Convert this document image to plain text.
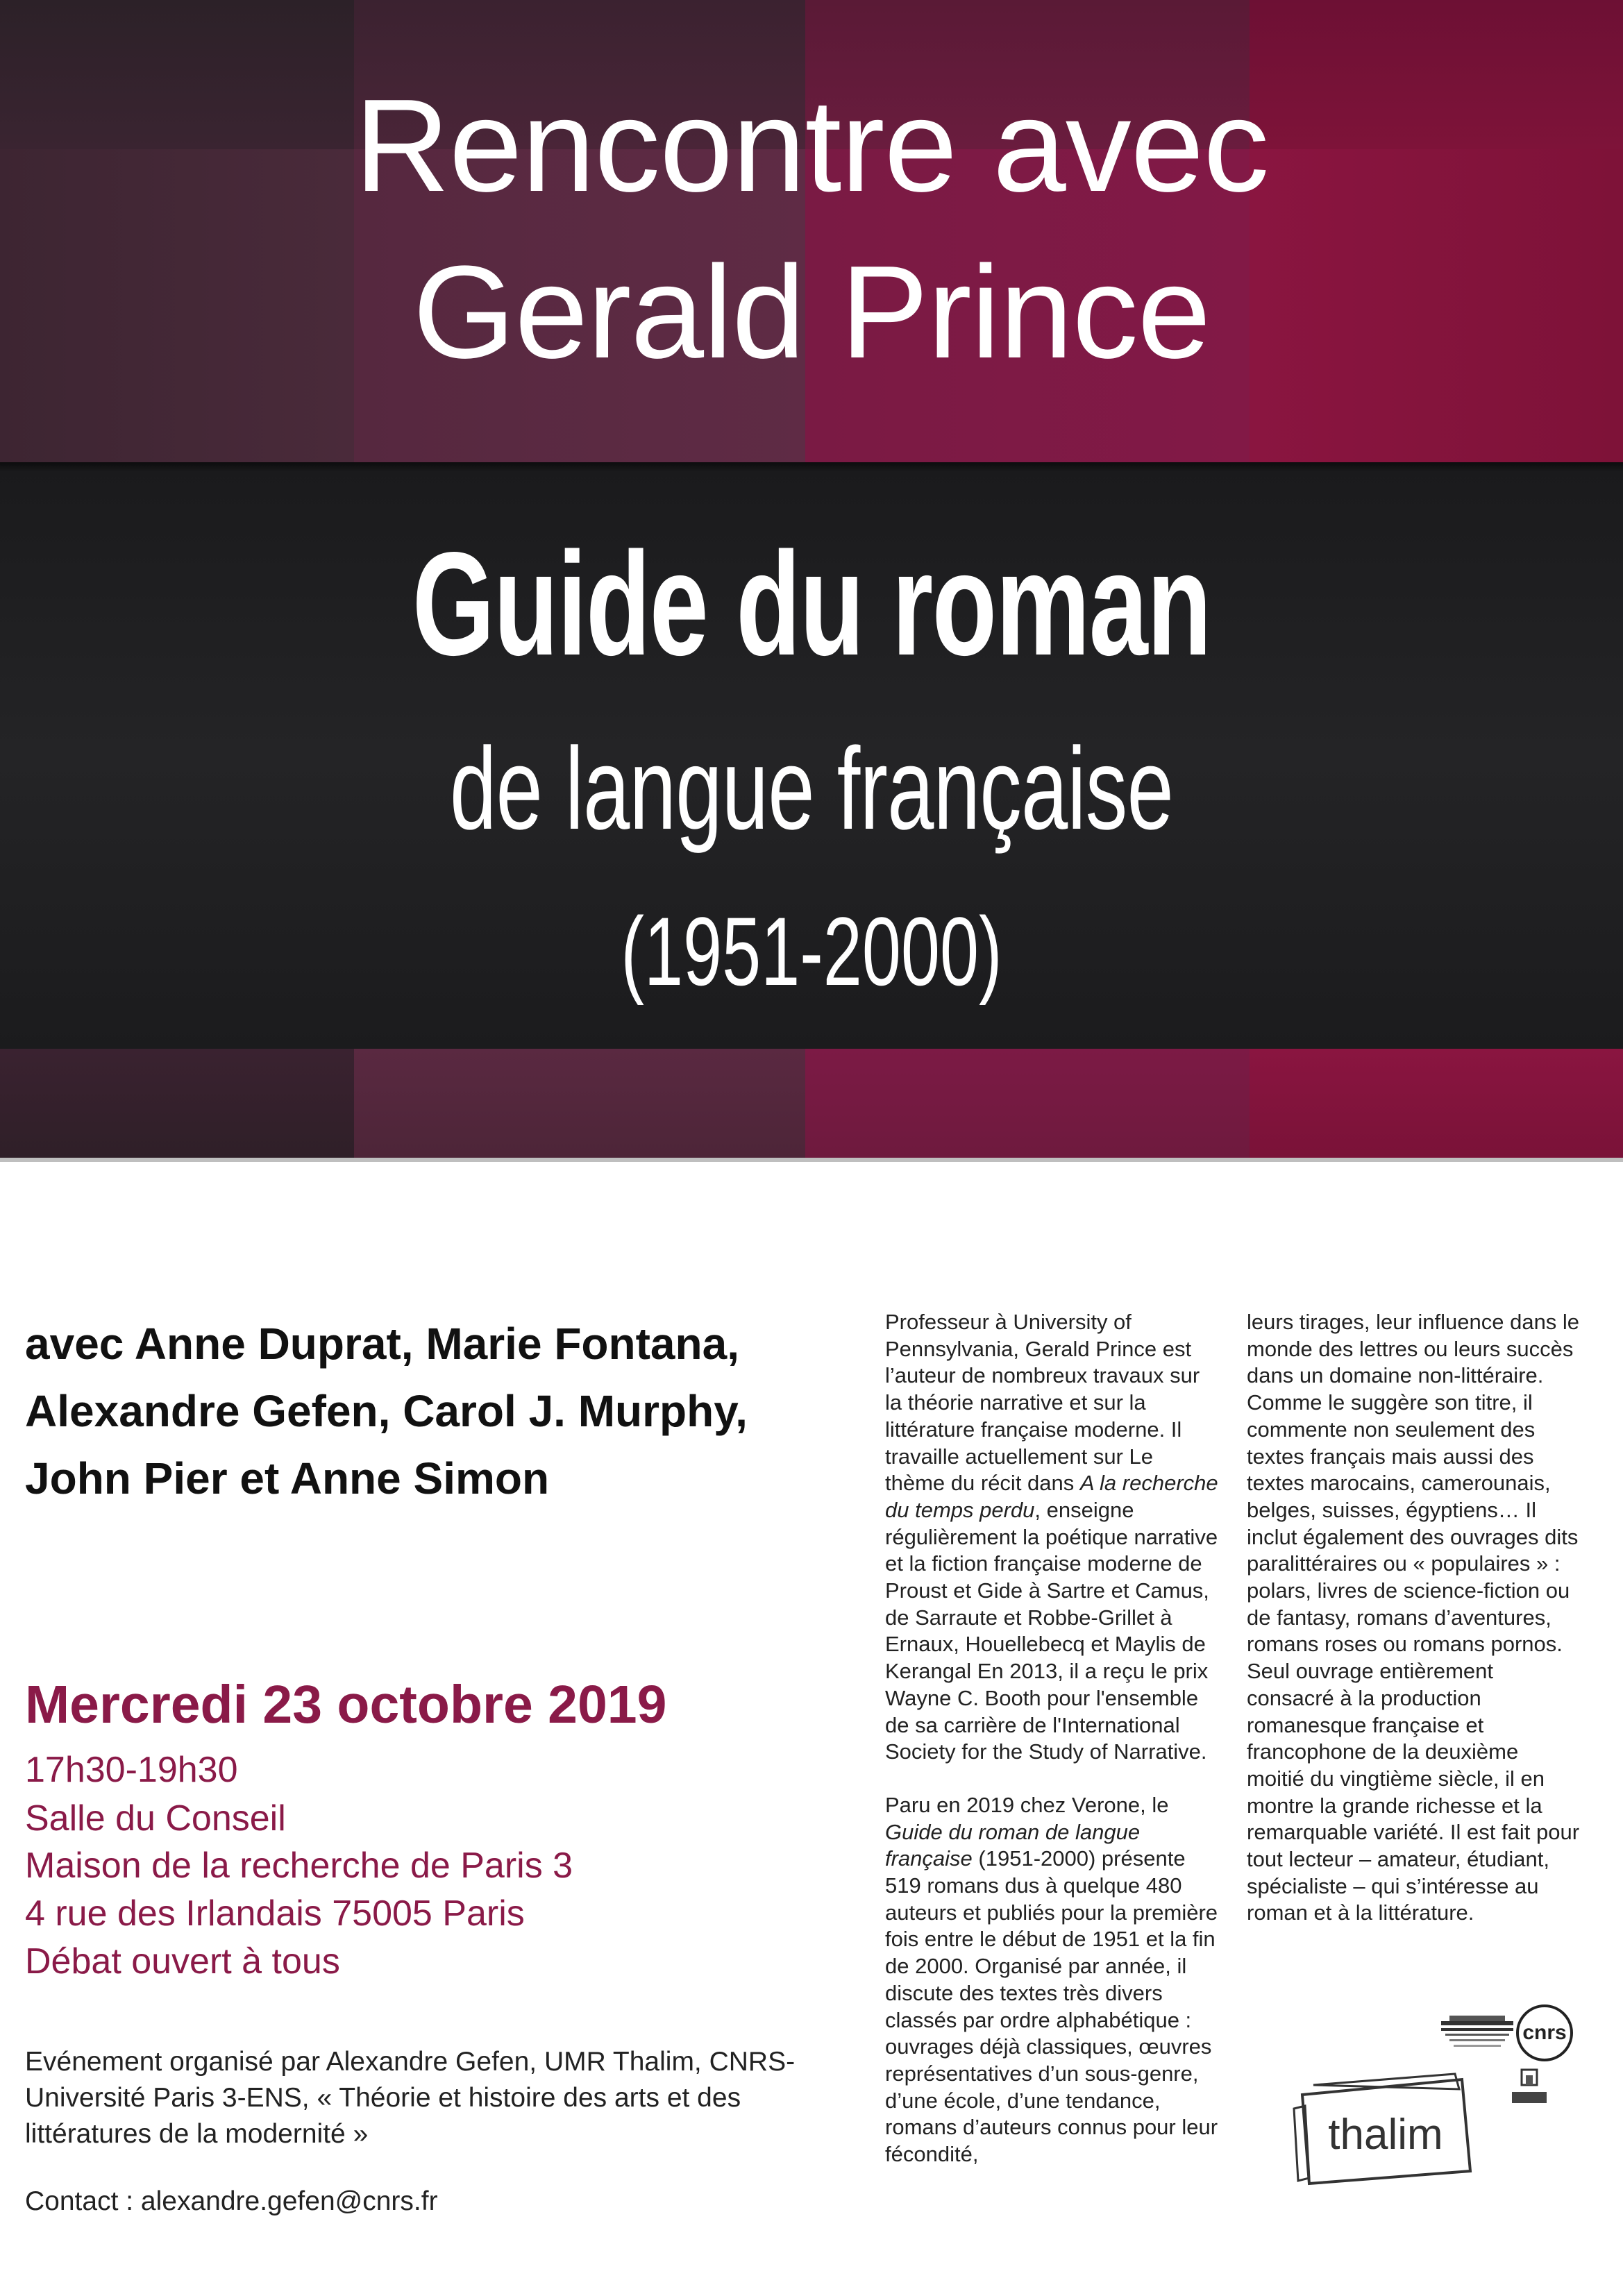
Rencontre avec
Gerald Prince
Guide du roman
de langue française
(1951-2000)
avec Anne Duprat, Marie Fontana, Alexandre Gefen, Carol J. Murphy, John Pier et Anne Simon
Mercredi 23 octobre 2019
17h30-19h30
Salle du Conseil
Maison de la recherche de Paris 3
4 rue des Irlandais 75005 Paris
Débat ouvert à tous
Evénement organisé par Alexandre Gefen, UMR Thalim, CNRS-Université Paris 3-ENS, « Théorie et histoire des arts et des littératures de la modernité »
Contact : alexandre.gefen@cnrs.fr

Professeur à University of Pennsylvania, Gerald Prince est l’auteur de nombreux travaux sur la théorie narrative et sur la littérature française moderne. Il travaille actuellement sur Le thème du récit dans A la recherche du temps perdu, enseigne régulièrement la poétique narrative et la fiction française moderne de Proust et Gide à Sartre et Camus, de Sarraute et Robbe-Grillet à Ernaux, Houellebecq et Maylis de Kerangal En 2013, il a reçu le prix Wayne C. Booth pour l'ensemble de sa carrière de l'International Society for the Study of Narrative.

Paru en 2019 chez Verone, le Guide du roman de langue française (1951-2000) présente 519 romans dus à quelque 480 auteurs et publiés pour la première fois entre le début de 1951 et la fin de 2000. Organisé par année, il discute des textes très divers classés par ordre alphabétique : ouvrages déjà classiques, œuvres représentatives d’un sous-genre, d’une école, d’une tendance, romans d’auteurs connus pour leur fécondité,

leurs tirages, leur influence dans le monde des lettres ou leurs succès dans un domaine non-littéraire. Comme le suggère son titre, il commente non seulement des textes français mais aussi des textes marocains, camerounais, belges, suisses, égyptiens… Il inclut également des ouvrages dits paralittéraires ou « populaires » : polars, livres de science-fiction ou de fantasy, romans d’aventures, romans roses ou romans pornos. Seul ouvrage entièrement consacré à la production romanesque française et francophone de la deuxième moitié du vingtième siècle, il en montre la grande richesse et la remarquable variété. Il est fait pour tout lecteur – amateur, étudiant, spécialiste – qui s’intéresse au roman et à la littérature.

cnrs
thalim
